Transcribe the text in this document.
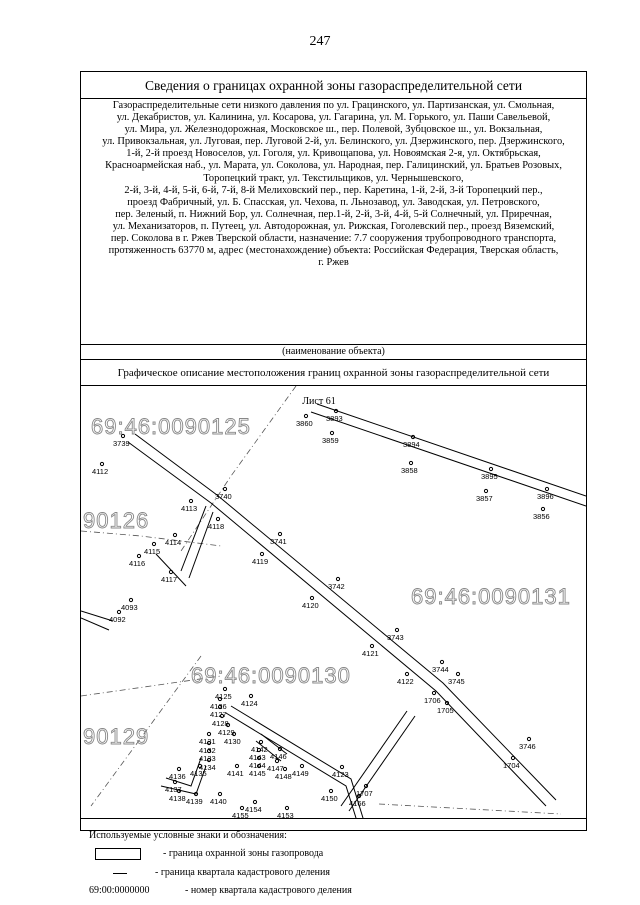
247
Сведения о границах охранной зоны газораспределительной сети
Газораспределительные сети низкого давления по ул. Грацинского, ул. Партизанская, ул. Смольная,
ул. Декабристов, ул. Калинина, ул. Косарова, ул. Гагарина, ул. М. Горького, ул. Паши Савельевой,
ул. Мира, ул. Железнодорожная, Московское ш., пер. Полевой, Зубцовское ш., ул. Вокзальная,
ул. Привокзальная, ул. Луговая, пер. Луговой 2-й, ул. Белинского, ул. Дзержинского, пер. Дзержинского,
1-й, 2-й проезд Новоселов, ул. Гоголя, ул. Кривощапова, ул. Новоямская 2-я, ул. Октябрьская,
Красноармейская наб., ул. Марата, ул. Соколова, ул. Народная, пер. Галицинский, ул. Братьев Розовых,
Торопецкий тракт, ул. Текстильщиков, ул. Чернышевского,
2-й, 3-й, 4-й, 5-й, 6-й, 7-й, 8-й Мелиховский пер., пер. Каретина, 1-й, 2-й, 3-й Торопецкий пер.,
проезд Фабричный, ул. Б. Спасская, ул. Чехова, п. Льнозавод, ул. Заводская, ул. Петровского,
пер. Зеленый, п. Нижний Бор, ул. Солнечная, пер.1-й, 2-й, 3-й, 4-й, 5-й Солнечный, ул. Приречная,
ул. Механизаторов, п. Путеец, ул. Автодорожная, ул. Рижская, Гоголевский пер., проезд Вяземский,
пер. Соколова в г. Ржев Тверской области, назначение: 7.7 сооружения трубопроводного транспорта,
протяженность 63770 м, адрес (местонахождение) объекта: Российская Федерация, Тверская область,
г. Ржев
(наименование объекта)
Графическое описание местоположения границ охранной зоны газораспределительной сети
69:46:0090125
90126
69:46:0090131
69:46:0090130
90129
Лист 61
3860
3893
3859	3894
3858
3895
3857	3896
3856
3739
4112
3740
4113
4118
4114
4115
4116
4117
3741
4119
3742
4120
4093
4092
3743
4121
3744
3745
4122
1706
1705
3746
1704
4125
4124
4126
4127
4128
4129
4130
4131
4132
4133
4134
4142
4143
4144
4145
4146
4147
4148 4149
4136 4135	4141
4137
4138 4139 4140
4123
4150
1707
4166
4154
4155	4153
Используемые условные знаки и обозначения:
- граница охранной зоны газопровода
- граница квартала кадастрового деления
69:00:0000000	- номер квартала кадастрового деления
